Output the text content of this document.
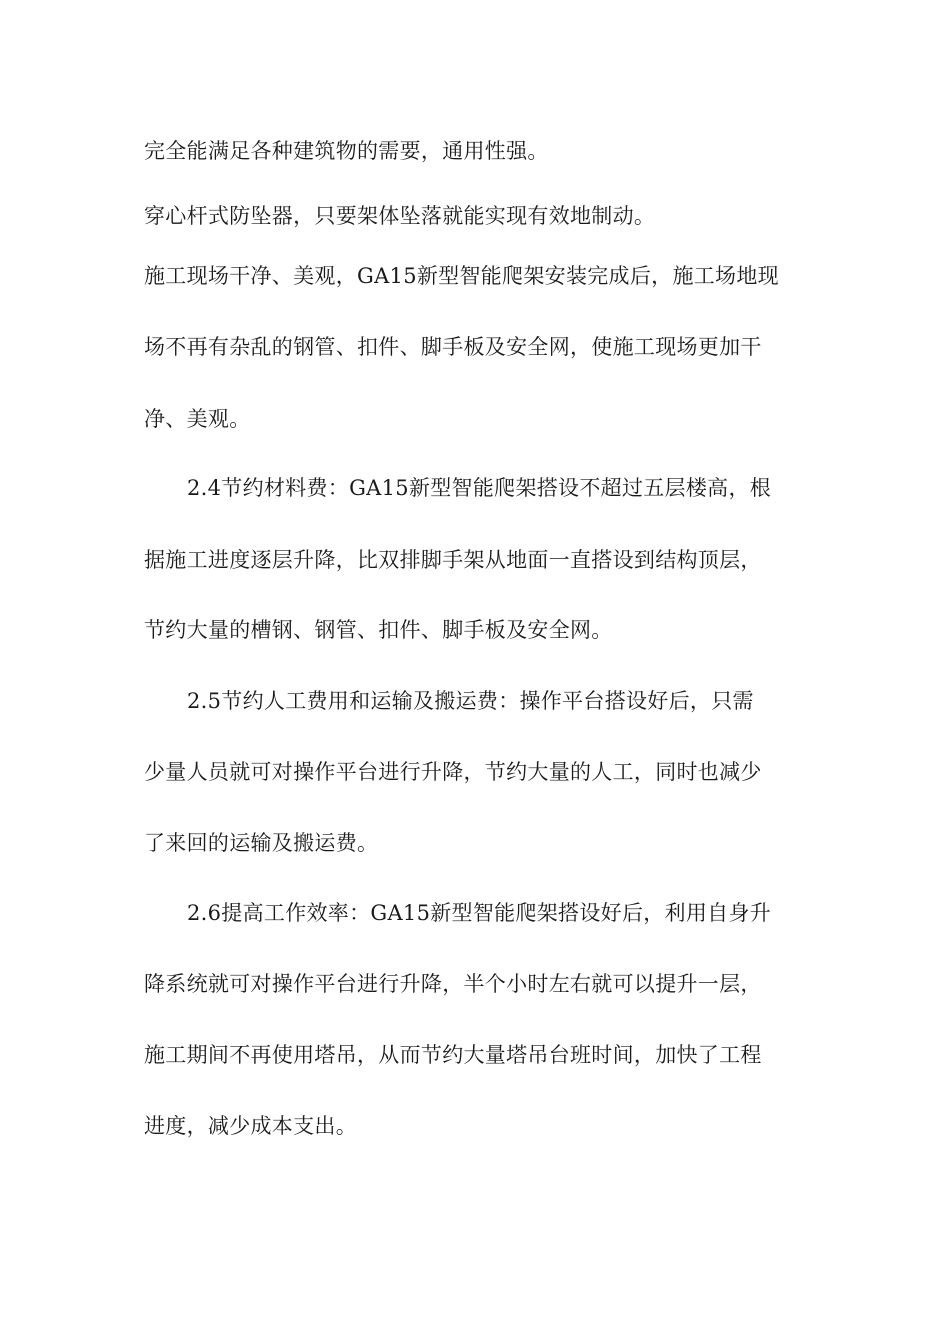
完全能满足各种建筑物的需要，通用性强。
穿心杆式防坠器，只要架体坠落就能实现有效地制动。
施工现场干净、美观，GA15新型智能爬架安装完成后，施工场地现
场不再有杂乱的钢管、扣件、脚手板及安全网，使施工现场更加干
净、美观。
2.4节约材料费：GA15新型智能爬架搭设不超过五层楼高，根
据施工进度逐层升降，比双排脚手架从地面一直搭设到结构顶层，
节约大量的槽钢、钢管、扣件、脚手板及安全网。
2.5节约人工费用和运输及搬运费：操作平台搭设好后，只需
少量人员就可对操作平台进行升降，节约大量的人工，同时也减少
了来回的运输及搬运费。
2.6提高工作效率：GA15新型智能爬架搭设好后，利用自身升
降系统就可对操作平台进行升降，半个小时左右就可以提升一层，
施工期间不再使用塔吊，从而节约大量塔吊台班时间，加快了工程
进度，减少成本支出。
